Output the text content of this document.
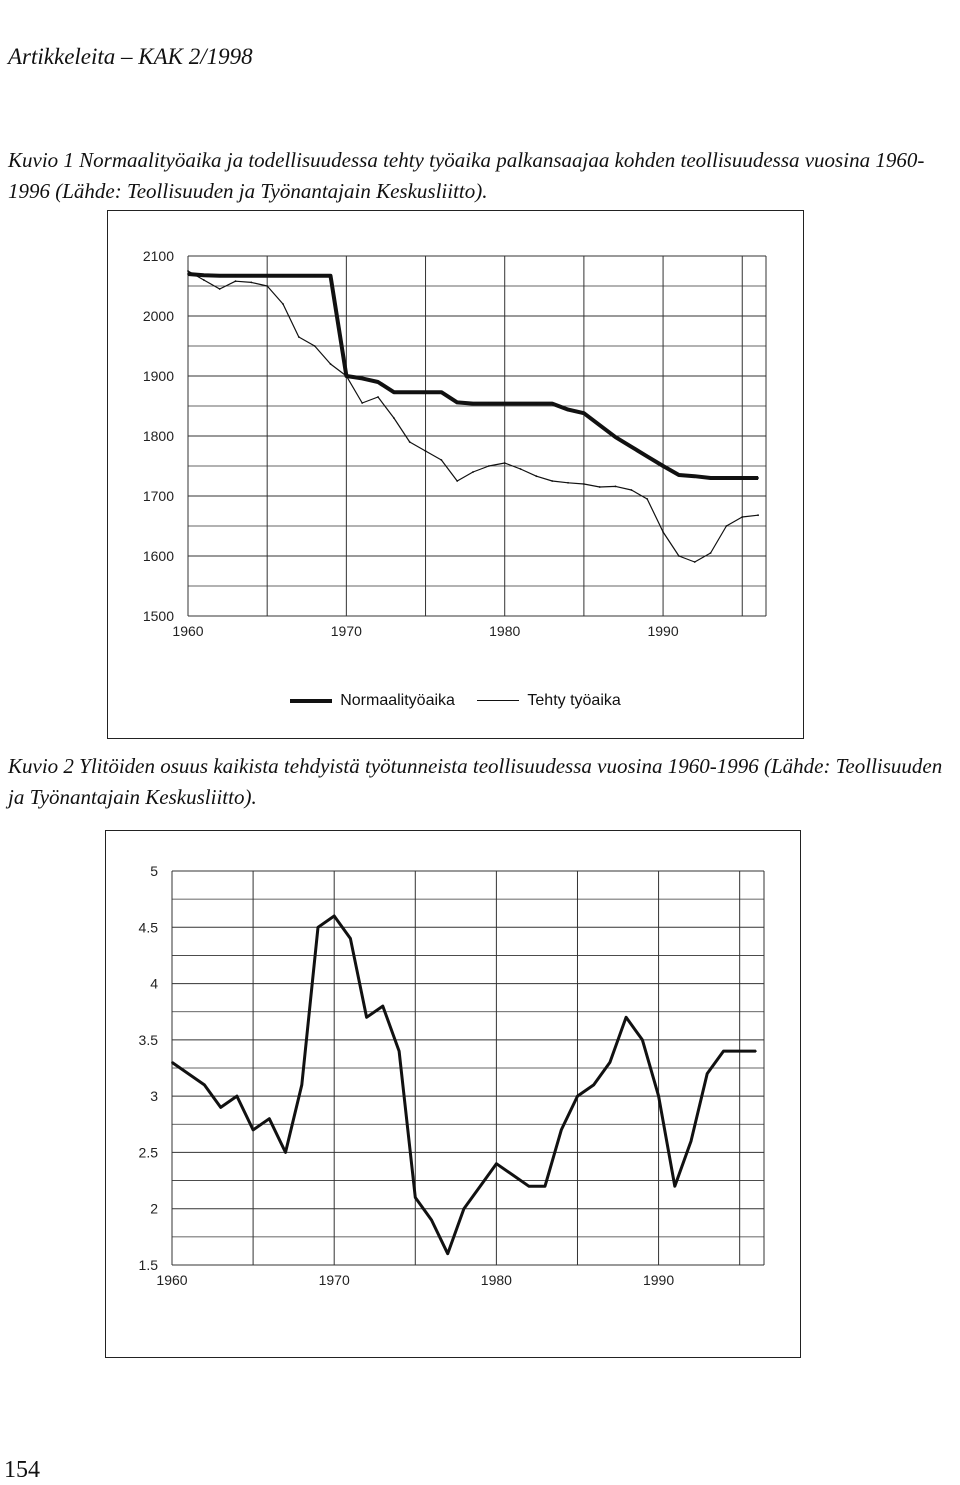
Artikkeleita – KAK 2/1998
Kuvio 1 Normaalityöaika ja todellisuudessa tehty työaika palkansaajaa kohden teollisuudessa vuosina 1960-1996 (Lähde: Teollisuuden ja Työnantajain Keskusliitto).
2100
2000
1900
1800
1700
1600
1500
1960	1970	1980	1990
Normaalityöaika	Tehty työaika
Kuvio 2 Ylitöiden osuus kaikista tehdyistä työtunneista teollisuudessa vuosina 1960-1996 (Lähde: Teollisuuden ja Työnantajain Keskusliitto).
5
4.5
4
3.5
3
2.5
2
1.5
1960	1970	1980	1990
154
